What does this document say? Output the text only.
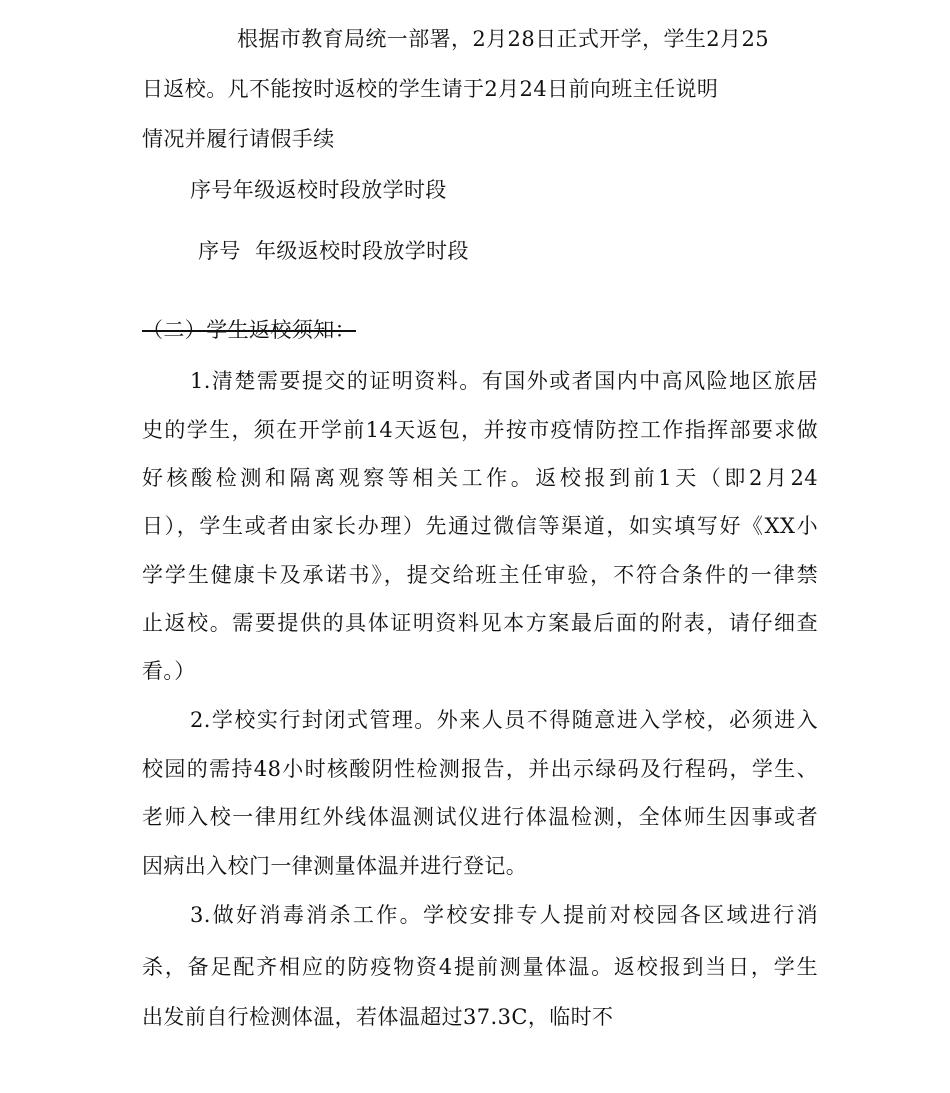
根据市教育局统一部署，2月28日正式开学，学生2月25
日返校。凡不能按时返校的学生请于2月24日前向班主任说明
情况并履行请假手续
序号年级返校时段放学时段
序号  年级返校时段放学时段
（二）学生返校须知：
1.清楚需要提交的证明资料。有国外或者国内中高风险地区旅居
史的学生，须在开学前14天返包，并按市疫情防控工作指挥部要求做
好核酸检测和隔离观察等相关工作。返校报到前1天（即2月24
日），学生或者由家长办理）先通过微信等渠道，如实填写好《XX小
学学生健康卡及承诺书》，提交给班主任审验，不符合条件的一律禁
止返校。需要提供的具体证明资料见本方案最后面的附表，请仔细查
看。）
2.学校实行封闭式管理。外来人员不得随意进入学校，必须进入
校园的需持48小时核酸阴性检测报告，并出示绿码及行程码，学生、
老师入校一律用红外线体温测试仪进行体温检测，全体师生因事或者
因病出入校门一律测量体温并进行登记。
3.做好消毒消杀工作。学校安排专人提前对校园各区域进行消
杀，备足配齐相应的防疫物资4提前测量体温。返校报到当日，学生
出发前自行检测体温，若体温超过37.3C，临时不
